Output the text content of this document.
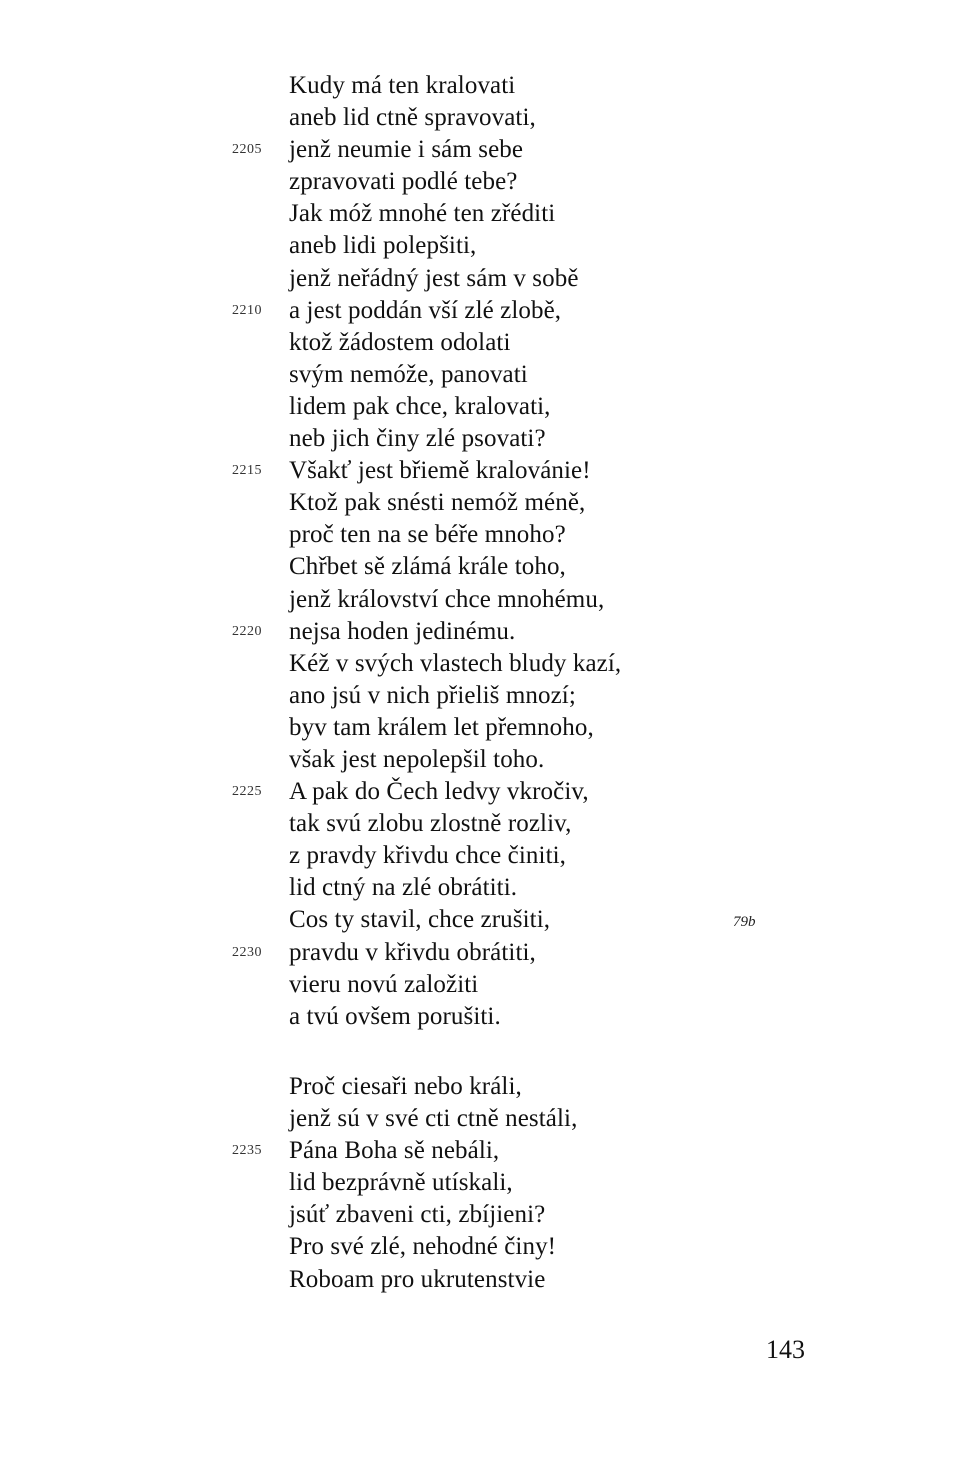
Kudy má ten kralovati
aneb lid ctně spravovati,
jenž neumie i sám sebe
2205
zpravovati podlé tebe?
Jak móž mnohé ten zřéditi
aneb lidi polepšiti,
jenž neřádný jest sám v sobě
a jest poddán vší zlé zlobě,
2210
ktož žádostem odolati
svým nemóže, panovati
lidem pak chce, kralovati,
neb jich činy zlé psovati?
Všakť jest břiemě kralovánie!
2215
Ktož pak snésti nemóž méně,
proč ten na se béře mnoho?
Chřbet sě zlámá krále toho,
jenž království chce mnohému,
nejsa hoden jedinému.
2220
Kéž v svých vlastech bludy kazí,
ano jsú v nich přieliš mnozí;
byv tam králem let přemnoho,
však jest nepolepšil toho.
A pak do Čech ledvy vkročiv,
2225
tak svú zlobu zlostně rozliv,
z pravdy křivdu chce činiti,
lid ctný na zlé obrátiti.
Cos ty stavil, chce zrušiti,	79b
pravdu v křivdu obrátiti,
2230
vieru novú založiti
a tvú ovšem porušiti.
Proč ciesaři nebo králi,
jenž sú v své cti ctně nestáli,
Pána Boha sě nebáli,
2235
lid bezprávně utískali,
jsúť zbaveni cti, zbíjieni?
Pro své zlé, nehodné činy!
Roboam pro ukrutenstvie
143
